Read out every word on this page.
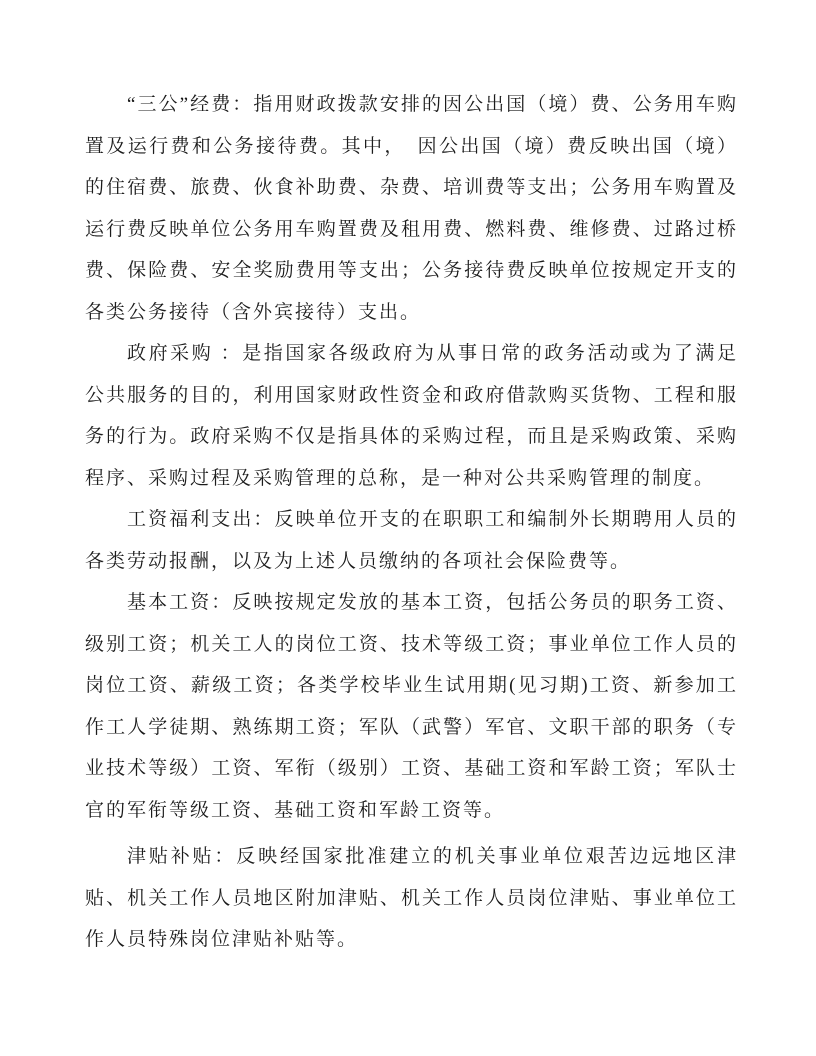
“三公”经费：指用财政拨款安排的因公出国（境）费、公务用车购置及运行费和公务接待费。其中，　因公出国（境）费反映出国（境）的住宿费、旅费、伙食补助费、杂费、培训费等支出；公务用车购置及运行费反映单位公务用车购置费及租用费、燃料费、维修费、过路过桥费、保险费、安全奖励费用等支出；公务接待费反映单位按规定开支的各类公务接待（含外宾接待）支出。

政府采购 ：是指国家各级政府为从事日常的政务活动或为了满足公共服务的目的，利用国家财政性资金和政府借款购买货物、工程和服务的行为。政府采购不仅是指具体的采购过程，而且是采购政策、采购程序、采购过程及采购管理的总称，是一种对公共采购管理的制度。

工资福利支出：反映单位开支的在职职工和编制外长期聘用人员的各类劳动报酬，以及为上述人员缴纳的各项社会保险费等。

基本工资：反映按规定发放的基本工资，包括公务员的职务工资、级别工资；机关工人的岗位工资、技术等级工资；事业单位工作人员的岗位工资、薪级工资；各类学校毕业生试用期(见习期)工资、新参加工作工人学徒期、熟练期工资；军队（武警）军官、文职干部的职务（专业技术等级）工资、军衔（级别）工资、基础工资和军龄工资；军队士官的军衔等级工资、基础工资和军龄工资等。

津贴补贴：反映经国家批准建立的机关事业单位艰苦边远地区津贴、机关工作人员地区附加津贴、机关工作人员岗位津贴、事业单位工作人员特殊岗位津贴补贴等。
